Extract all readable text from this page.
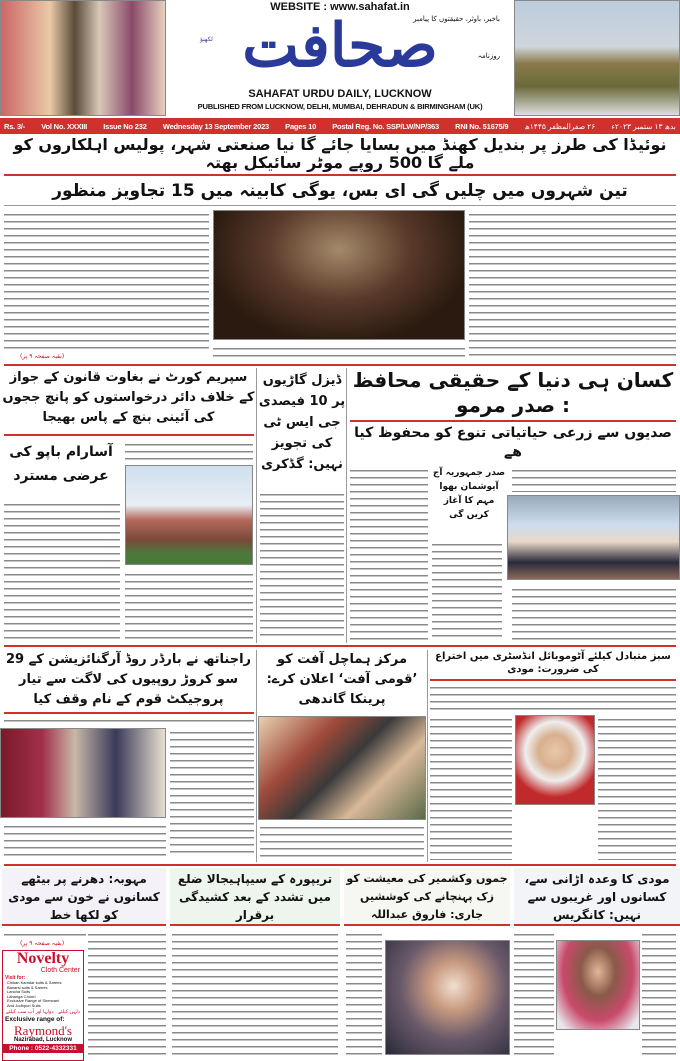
WEBSITE : www.sahafat.in
باخبر، باوثر، حقیقتوں کا پیامبر
صحافت	روزنامہ
لکھنؤ
SAHAFAT URDU DAILY, LUCKNOW
PUBLISHED FROM LUCKNOW, DELHI, MUMBAI, DEHRADUN & BIRMINGHAM (UK)
Rs. 3/- Vol No. XXXIII Issue No 232 Wednesday 13 September 2023 Pages 10 Postal Reg. No. SSP/LW/NP/363 RNI No. 51675/9 ۲۶ صفرالمظفر ۱۴۴۵ھ بدھ ۱۳ ستمبر ۲۰۲۳ء
نوئیڈا کی طرز پر بندیل کھنڈ میں بسایا جائے گا نیا صنعتی شہر، پولیس اہلکاروں کو ملے گا 500 روپے موٹر سائیکل بھتہ
تین شہروں میں چلیں گی ای بس، یوگی کابینہ میں 15 تجاویز منظور
(بقیہ صفحہ ۹ پر)
سپریم کورٹ نے بغاوت قانون کے جواز کے خلاف دائر درخواستوں کو پانچ ججوں کی آئینی بنچ کے پاس بھیجا
ڈیزل گاڑیوں پر 10 فیصدی جی ایس ٹی کی تجویز نہیں: گڈکری
آسارام باپو کی عرضی مسترد
کسان ہی دنیا کے حقیقی محافظ : صدر مرمو
صدیوں سے زرعی حیاتیاتی تنوع کو محفوظ کیا ھے
صدر جمہوریہ آج آیوشمان بھوا مہم کا آغاز کریں گی
راجناتھ نے بارڈر روڈ آرگنائزیشن کے 29 سو کروڑ روپیوں کی لاگت سے تیار پروجیکٹ قوم کے نام وقف کیا
مرکز ہماچل آفت کو ’قومی آفت‘ اعلان کرے: پرینکا گاندھی
سبز متبادل کیلئے آٹوموبائل انڈسٹری میں اختراع کی ضرورت: مودی
مہوبہ: دھرنے پر بیٹھے کسانوں نے خون سے مودی کو لکھا خط
تریپورہ کے سیپاہیجالا ضلع میں تشدد کے بعد کشیدگی برقرار
جموں وکشمیر کی معیشت کو زک پہنچانے کی کوششیں جاری: فاروق عبداللہ
مودی کا وعدہ اڑانی سے، کسانوں اور غریبوں سے نہیں: کانگریس
(بقیہ صفحہ ۹ پر)
Novelty
Cloth Center
Visit for:
Chikan Kamdar suits & Sarees
Banarsi suits & Sarees
Lancha Suits
Lahanga Chunri
Exclusive Range of Sherwani
And Jodhpuri Suits
دلہن کیلئے
دولہا اور آپ سب کیلئے
Exclusive range of:
Raymond's
Nazirabad, Lucknow
Phone : 0522-4332331
